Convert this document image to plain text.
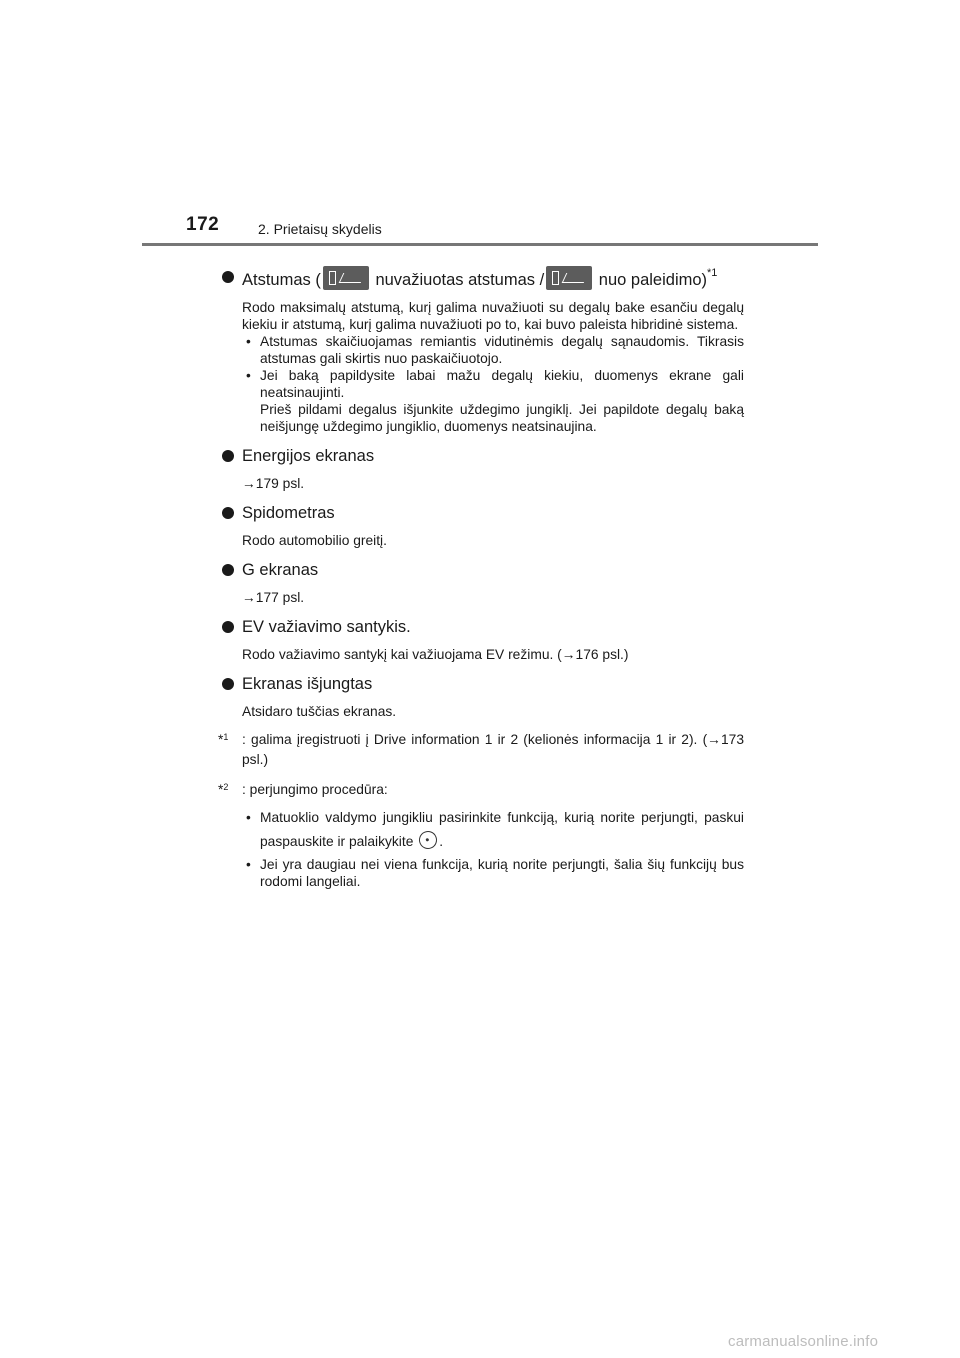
172	2. Prietaisų skydelis
Atstumas (	nuvažiuotas atstumas /	nuo paleidimo)$^{*1}$
Rodo maksimalų atstumą, kurį galima nuvažiuoti su degalų bake esančiu degalų kiekiu ir atstumą, kurį galima nuvažiuoti po to, kai buvo paleista hibridinė sistema.
• Atstumas skaičiuojamas remiantis vidutinėmis degalų sąnaudomis. Tikrasis atstumas gali skirtis nuo paskaičiuotojo.
• Jei baką papildysite labai mažu degalų kiekiu, duomenys ekrane gali neatsinaujinti.
Prieš pildami degalus išjunkite uždegimo jungiklį. Jei papildote degalų baką neišjungę uždegimo jungiklio, duomenys neatsinaujina.
Energijos ekranas
→179 psl.
Spidometras
Rodo automobilio greitį.
G ekranas
→177 psl.
EV važiavimo santykis.
Rodo važiavimo santykį kai važiuojama EV režimu. (→176 psl.)
Ekranas išjungtas
Atsidaro tuščias ekranas.
*$^1$ : galima įregistruoti į Drive information 1 ir 2 (kelionės informacija 1 ir 2). (→173 psl.)
*$^2$ : perjungimo procedūra:
• Matuoklio valdymo jungikliu pasirinkite funkciją, kurią norite perjungti, paskui paspauskite ir palaikykite .
• Jei yra daugiau nei viena funkcija, kurią norite perjungti, šalia šių funkcijų bus rodomi langeliai.
carmanualsonline.info
